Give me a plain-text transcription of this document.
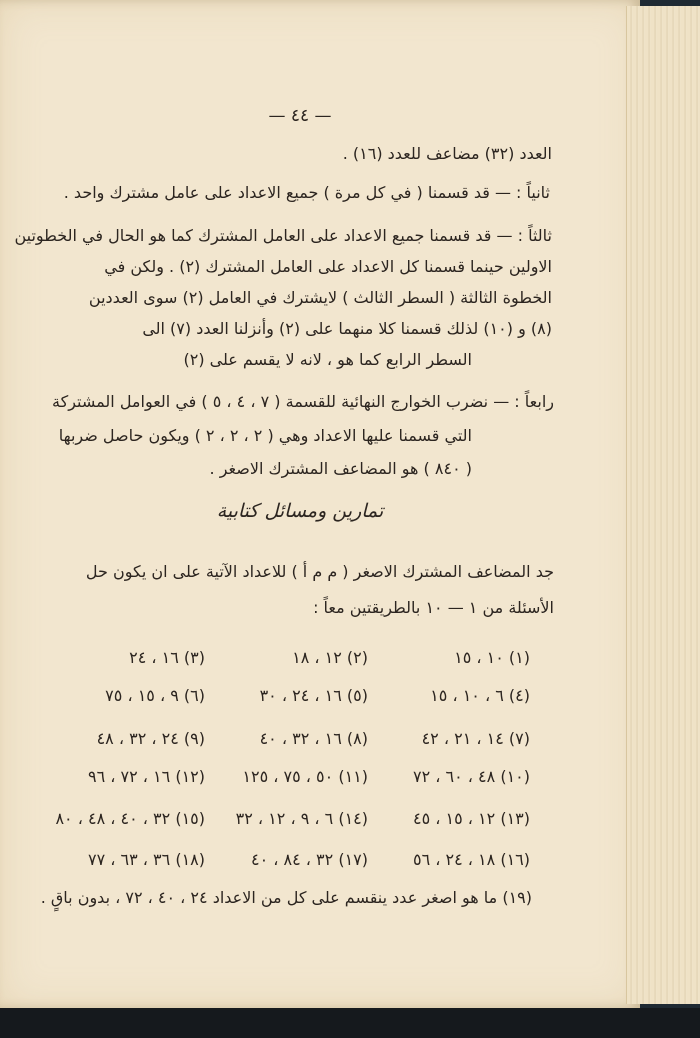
— ٤٤ —
العدد (٣٢) مضاعف للعدد (١٦) .
ثانياً : — قد قسمنا ( في كل مرة ) جميع الاعداد على عامل مشترك واحد .
ثالثاً : — قد قسمنا جميع الاعداد على العامل المشترك كما هو الحال في الخطوتين
الاولين حينما قسمنا كل الاعداد على العامل المشترك (٢) . ولكن في
الخطوة الثالثة ( السطر الثالث ) لايشترك في العامل (٢) سوى العددين
(٨) و (١٠) لذلك قسمنا كلا منهما على (٢) وأنزلنا العدد (٧) الى
السطر الرابع كما هو ، لانه لا يقسم على (٢)
رابعاً : — نضرب الخوارج النهائية للقسمة ( ٧ ، ٤ ، ٥ ) في العوامل المشتركة
التي قسمنا عليها الاعداد وهي ( ٢ ، ٢ ، ٢ ) ويكون حاصل ضربها
( ٨٤٠ ) هو المضاعف المشترك الاصغر .
تمارين ومسائل كتابية
جد المضاعف المشترك الاصغر ( م م أ ) للاعداد الآتية على ان يكون حل
الأسئلة من ١ — ١٠ بالطريقتين معاً :
(١) ١٠ ، ١٥
(٢) ١٢ ، ١٨
(٣) ١٦ ، ٢٤
(٤) ٦ ، ١٠ ، ١٥
(٥) ١٦ ، ٢٤ ، ٣٠
(٦) ٩ ، ١٥ ، ٧٥
(٧) ١٤ ، ٢١ ، ٤٢
(٨) ١٦ ، ٣٢ ، ٤٠
(٩) ٢٤ ، ٣٢ ، ٤٨
(١٠) ٤٨ ، ٦٠ ، ٧٢
(١١) ٥٠ ، ٧٥ ، ١٢٥
(١٢) ١٦ ، ٧٢ ، ٩٦
(١٣) ١٢ ، ١٥ ، ٤٥
(١٤) ٦ ، ٩ ، ١٢ ، ٣٢
(١٥) ٣٢ ، ٤٠ ، ٤٨ ، ٨٠
(١٦) ١٨ ، ٢٤ ، ٥٦
(١٧) ٣٢ ، ٨٤ ، ٤٠
(١٨) ٣٦ ، ٦٣ ، ٧٧
(١٩) ما هو اصغر عدد ينقسم على كل من الاعداد ٢٤ ، ٤٠ ، ٧٢ ، بدون باقٍ .
